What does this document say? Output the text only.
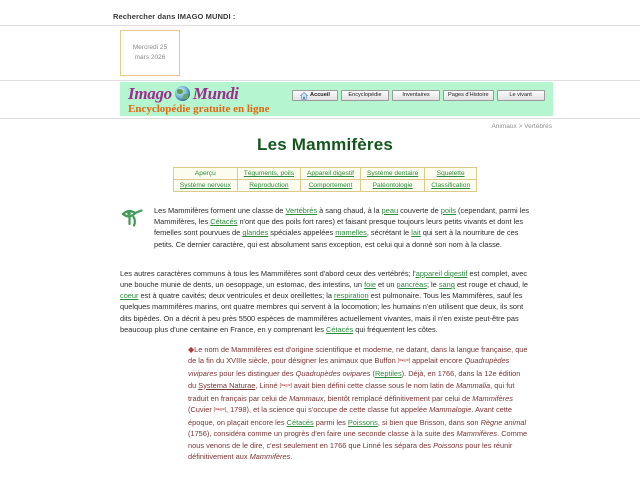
Rechercher dans IMAGO MUNDI :
Mercredi 25
mars 2026
Imago Mundi
Encyclopédie gratuite en ligne
Accueil	Encyclopédie	Inventaires	Pages d'Histoire	Le vivant
Animaux > Vertébrés
Les Mammifères
Aperçu	Téguments, poils	Appareil digestif	Système dentaire	Squelette
Système nerveux	Reproduction	Comportement	Paléontologie	Classification

Les Mammifères forment une classe de Vertébrés à sang chaud, à la peau couverte de poils (cependant, parmi les Mammifères, les Cétacés n'ont que des poils fort rares) et faisant presque toujours leurs petits vivants et dont les femelles sont pourvues de glandes spéciales appelées mamelles, sécrétant le lait qui sert à la nourriture de ces petits. Ce dernier caractère, qui est absolument sans exception, est celui qui a donné son nom à la classe.

Les autres caractères communs à tous les Mammifères sont d'abord ceux des vertébrés; l'appareil digestif est complet, avec une bouche munie de dents, un oesoppage, un estomac, des intestins, un foie et un pancréas; le sang est rouge et chaud, le coeur est à quatre cavités; deux ventricules et deux oreillettes; la respiration est pulmonaire. Tous les Mammifères, sauf les quelques mammifères marins, ont quatre membres qui servent à la locomotion; les humains n'en utilisent que deux, ils sont dits bipèdes. On a décrit à peu près 5500 espèces de mammifères actuellement vivantes, mais il n'en existe peut-être pas beaucoup plus d'une centaine en France, en y comprenant les Cétacés qui fréquentent les côtes.

◆Le nom de Mammifères est d'origine scientifique et moderne, ne datant, dans la langue française, que de la fin du XVIIIe siècle, pour désigner les animaux que Buffon [=•≡=] appelait encore Quadrupèdes vivipares pour les distinguer des Quadrupèdes ovipares (Reptiles). Déjà, en 1766, dans la 12e édition du Systema Naturae, Linné [=•≡=] avait bien défini cette classe sous le nom latin de Mammalia, qui fut traduit en français par celui de Mammaux, bientôt remplacé définitivement par celui de Mammifères (Cuvier [=•≡=], 1798), et la science qui s'occupe de cette classe fut appelée Mammalogie. Avant cette époque, on plaçait encore les Cétacés parmi les Poissons, si bien que Brisson, dans son Règne animal (1756), considéra comme un progrès d'en faire une seconde classe à la suite des Mammifères. Comme nous venons de le dire, c'est seulement en 1766 que Linné les sépara des Poissons pour les réunir définitivement aux Mammifères.
